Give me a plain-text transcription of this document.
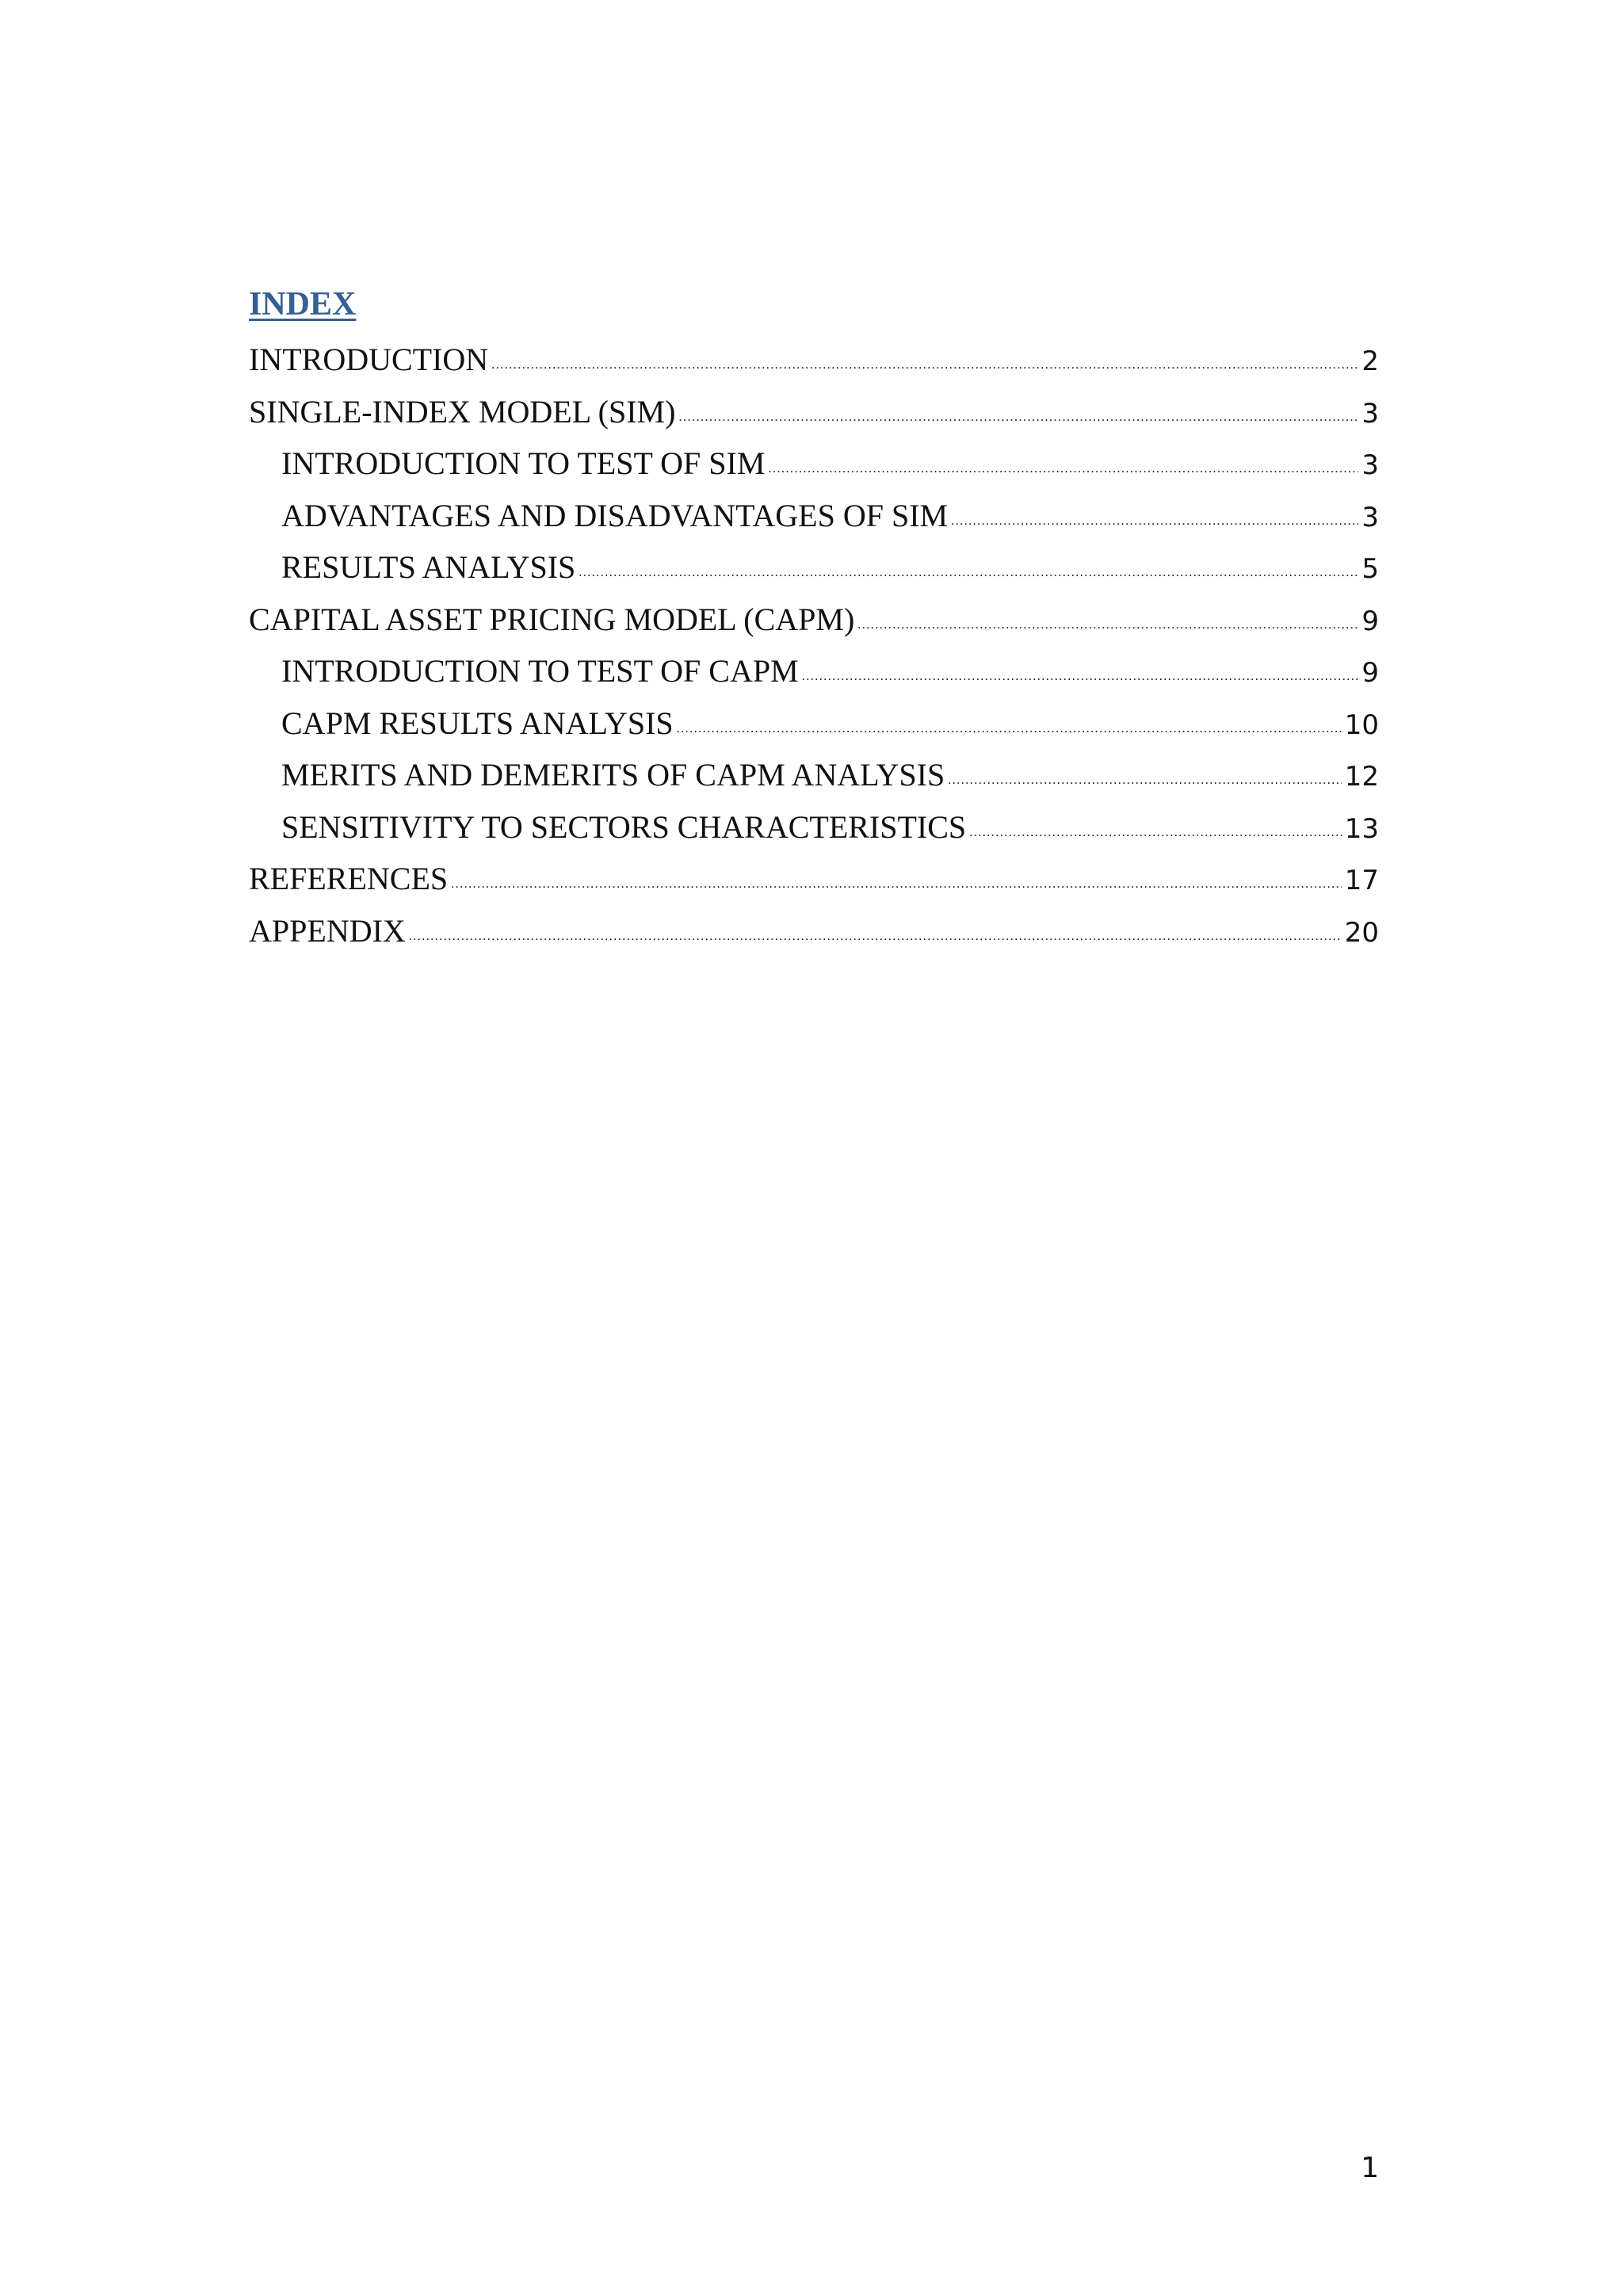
INDEX
INTRODUCTION .....	2
SINGLE-INDEX MODEL (SIM) .....	3
INTRODUCTION TO TEST OF SIM .....	3
ADVANTAGES AND DISADVANTAGES OF SIM .....	3
RESULTS ANALYSIS .....	5
CAPITAL ASSET PRICING MODEL (CAPM) .....	9
INTRODUCTION TO TEST OF CAPM .....	9
CAPM RESULTS ANALYSIS .....	10
MERITS AND DEMERITS OF CAPM ANALYSIS .....	12
SENSITIVITY TO SECTORS CHARACTERISTICS .....	13
REFERENCES .....	17
APPENDIX .....	20
1
